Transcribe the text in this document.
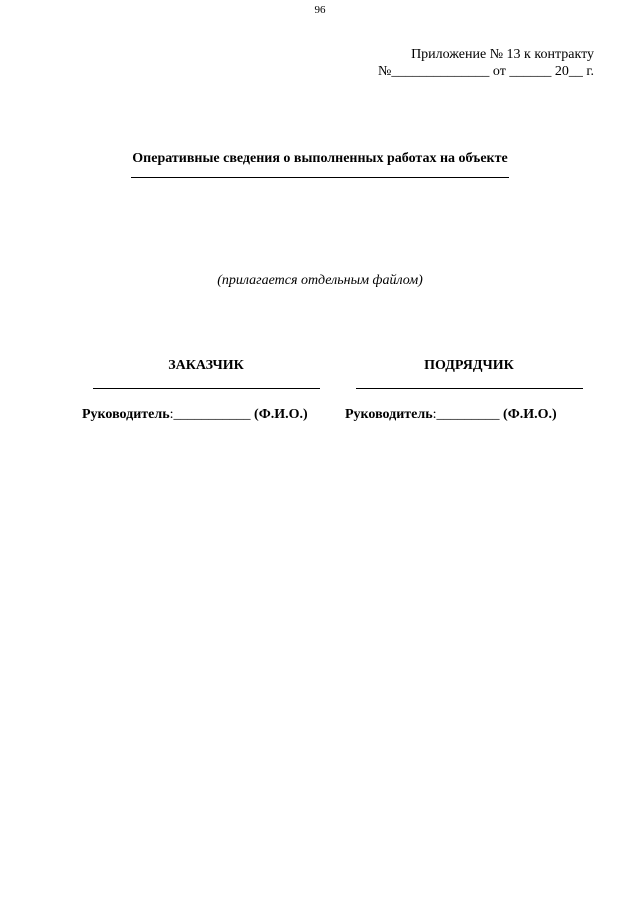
96
Приложение № 13 к контракту
№______________ от ______ 20__ г.
Оперативные сведения о выполненных работах на объекте
(прилагается отдельным файлом)
ЗАКАЗЧИК
Руководитель:___________ (Ф.И.О.)
ПОДРЯДЧИК
Руководитель:_________ (Ф.И.О.)
